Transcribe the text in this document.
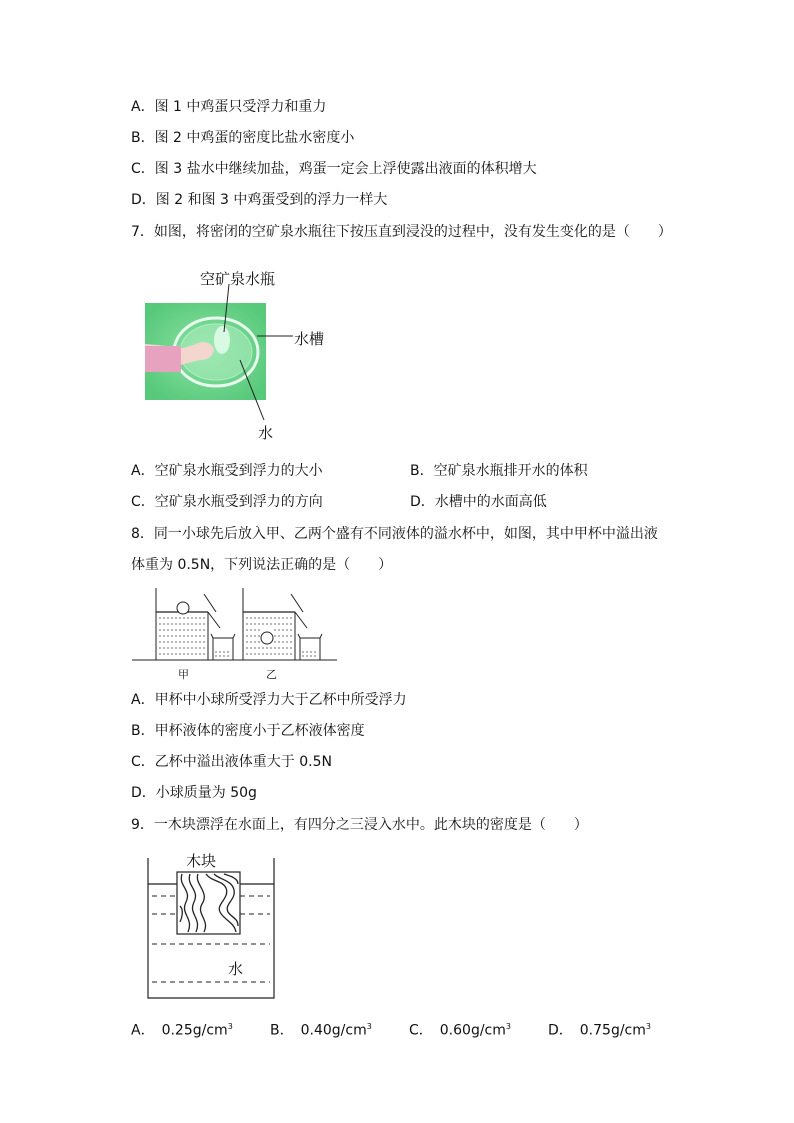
A．图 1 中鸡蛋只受浮力和重力
B．图 2 中鸡蛋的密度比盐水密度小
C．图 3 盐水中继续加盐，鸡蛋一定会上浮使露出液面的体积增大
D．图 2 和图 3 中鸡蛋受到的浮力一样大
7．如图，将密闭的空矿泉水瓶往下按压直到浸没的过程中，没有发生变化的是（　　）
空矿泉水瓶
水槽
水
A．空矿泉水瓶受到浮力的大小	B．空矿泉水瓶排开水的体积
C．空矿泉水瓶受到浮力的方向	D．水槽中的水面高低
8．同一小球先后放入甲、乙两个盛有不同液体的溢水杯中，如图，其中甲杯中溢出液
体重为 0.5N，下列说法正确的是（　　）
甲	乙
A．甲杯中小球所受浮力大于乙杯中所受浮力
B．甲杯液体的密度小于乙杯液体密度
C．乙杯中溢出液体重大于 0.5N
D．小球质量为 50g
9．一木块漂浮在水面上，有四分之三浸入水中。此木块的密度是（　　）
木块
水
A．　$0.25g/cm^3$	B．　$0.40g/cm^3$	C．　$0.60g/cm^3$	D．　$0.75g/cm^3$
